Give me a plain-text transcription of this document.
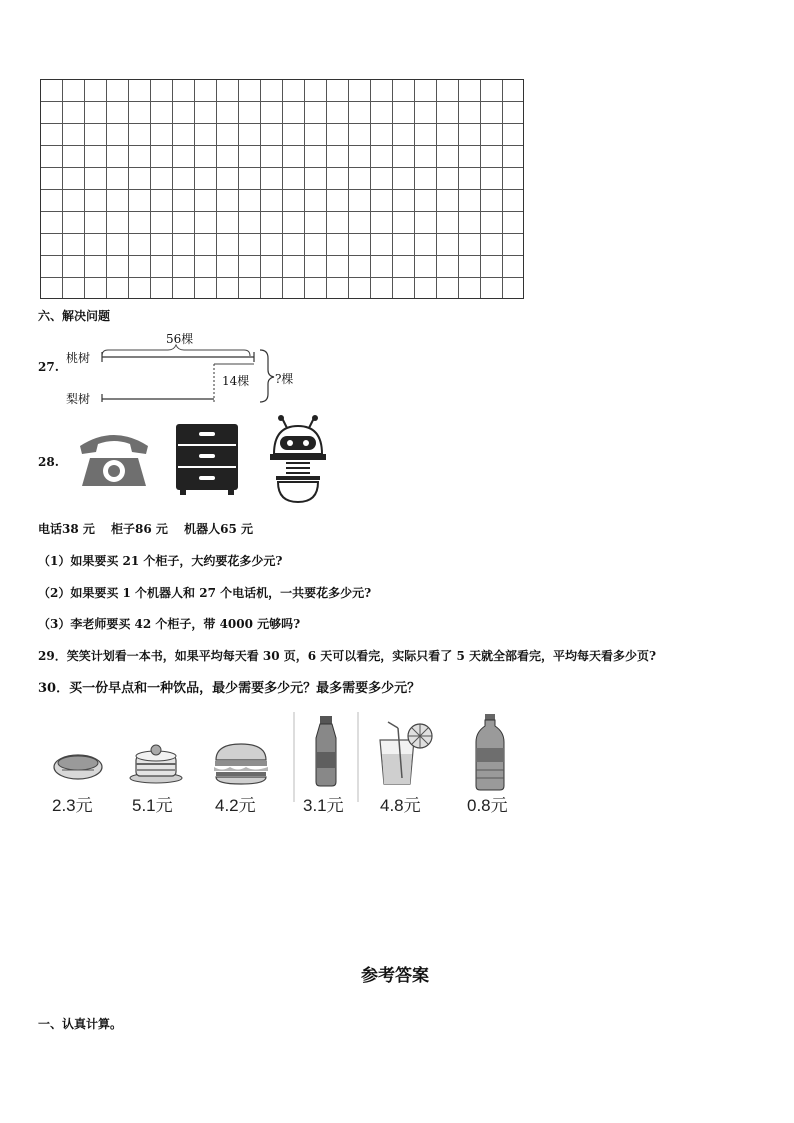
六、解决问题
27.
桃树
梨树
56棵
14棵 ?棵
28.
电话38 元　 柜子86 元　 机器人65 元
（1）如果要买 21 个柜子，大约要花多少元?
（2）如果要买 1 个机器人和 27 个电话机，一共要花多少元?
（3）李老师要买 42 个柜子，带 4000 元够吗?
29．笑笑计划看一本书，如果平均每天看 30 页，6 天可以看完，实际只看了 5 天就全部看完，平均每天看多少页?
30．买一份早点和一种饮品，最少需要多少元？最多需要多少元？
2.3元 5.1元 4.2元	3.1元 4.8元	0.8元
参考答案
一、认真计算。
